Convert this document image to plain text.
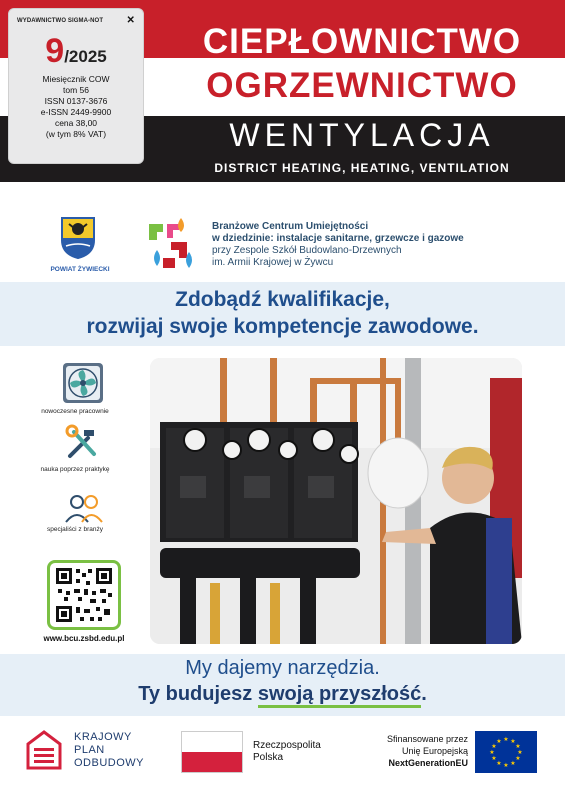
WYDAWNICTWO SIGMA-NOT ✕
9/2025
Miesięcznik COW
tom 56
ISSN 0137-3676
e-ISSN 2449-9900
cena 38,00
(w tym 8% VAT)
CIEPŁOWNICTWO
OGRZEWNICTWO
WENTYLACJA
DISTRICT HEATING, HEATING, VENTILATION
POWIAT ŻYWIECKI
Branżowe Centrum Umiejętności
w dziedzinie: instalacje sanitarne, grzewcze i gazowe
przy Zespole Szkół Budowlano-Drzewnych
im. Armii Krajowej w Żywcu
Zdobądź kwalifikacje,
rozwijaj swoje kompetencje zawodowe.
nowoczesne pracownie
nauka poprzez praktykę
specjaliści z branży
www.bcu.zsbd.edu.pl
My dajemy narzędzia.
Ty budujesz swoją przyszłość.
KRAJOWY
PLAN
ODBUDOWY
Rzeczpospolita
Polska
Sfinansowane przez
Unię Europejską
NextGenerationEU
★ ★
★
★
★
★
★
★
★
★
★
★
